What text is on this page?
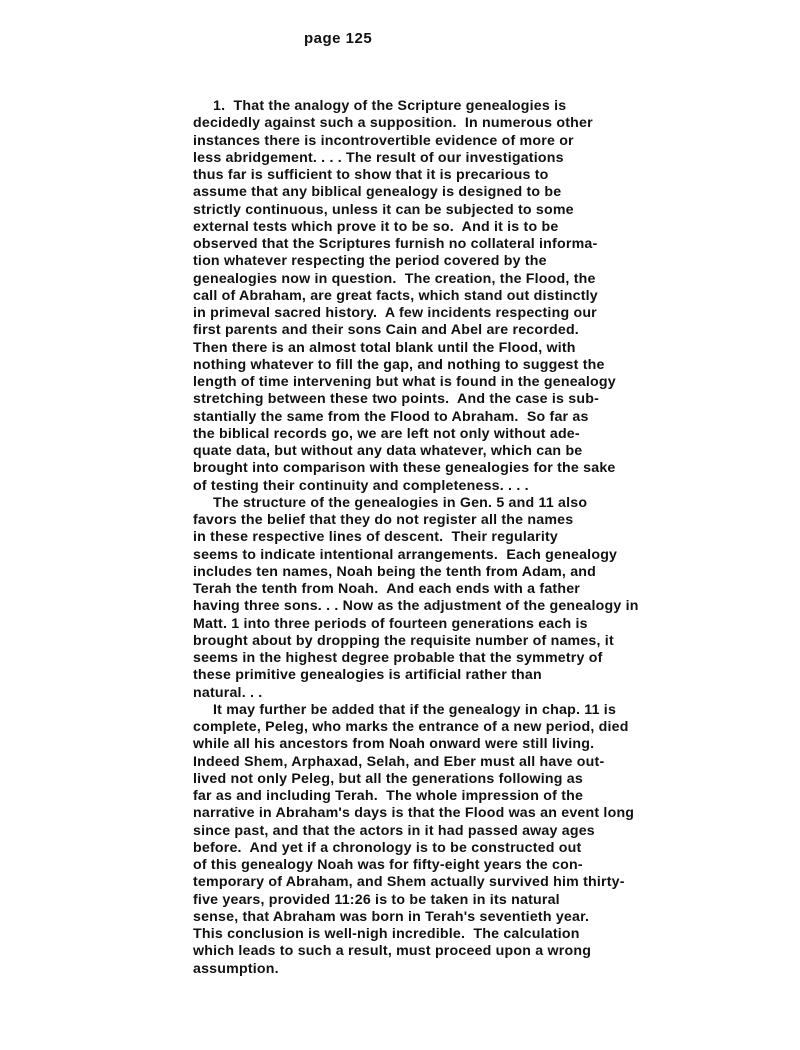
page 125
1.  That the analogy of the Scripture genealogies is
decidedly against such a supposition.  In numerous other
instances there is incontrovertible evidence of more or
less abridgement. . . . The result of our investigations
thus far is sufficient to show that it is precarious to
assume that any biblical genealogy is designed to be
strictly continuous, unless it can be subjected to some
external tests which prove it to be so.  And it is to be
observed that the Scriptures furnish no collateral informa-
tion whatever respecting the period covered by the
genealogies now in question.  The creation, the Flood, the
call of Abraham, are great facts, which stand out distinctly
in primeval sacred history.  A few incidents respecting our
first parents and their sons Cain and Abel are recorded.
Then there is an almost total blank until the Flood, with
nothing whatever to fill the gap, and nothing to suggest the
length of time intervening but what is found in the genealogy
stretching between these two points.  And the case is sub-
stantially the same from the Flood to Abraham.  So far as
the biblical records go, we are left not only without ade-
quate data, but without any data whatever, which can be
brought into comparison with these genealogies for the sake
of testing their continuity and completeness. . . .
The structure of the genealogies in Gen. 5 and 11 also
favors the belief that they do not register all the names
in these respective lines of descent.  Their regularity
seems to indicate intentional arrangements.  Each genealogy
includes ten names, Noah being the tenth from Adam, and
Terah the tenth from Noah.  And each ends with a father
having three sons. . . Now as the adjustment of the genealogy in
Matt. 1 into three periods of fourteen generations each is
brought about by dropping the requisite number of names, it
seems in the highest degree probable that the symmetry of
these primitive genealogies is artificial rather than
natural. . .
It may further be added that if the genealogy in chap. 11 is
complete, Peleg, who marks the entrance of a new period, died
while all his ancestors from Noah onward were still living.
Indeed Shem, Arphaxad, Selah, and Eber must all have out-
lived not only Peleg, but all the generations following as
far as and including Terah.  The whole impression of the
narrative in Abraham's days is that the Flood was an event long
since past, and that the actors in it had passed away ages
before.  And yet if a chronology is to be constructed out
of this genealogy Noah was for fifty-eight years the con-
temporary of Abraham, and Shem actually survived him thirty-
five years, provided 11:26 is to be taken in its natural
sense, that Abraham was born in Terah's seventieth year.
This conclusion is well-nigh incredible.  The calculation
which leads to such a result, must proceed upon a wrong
assumption.
